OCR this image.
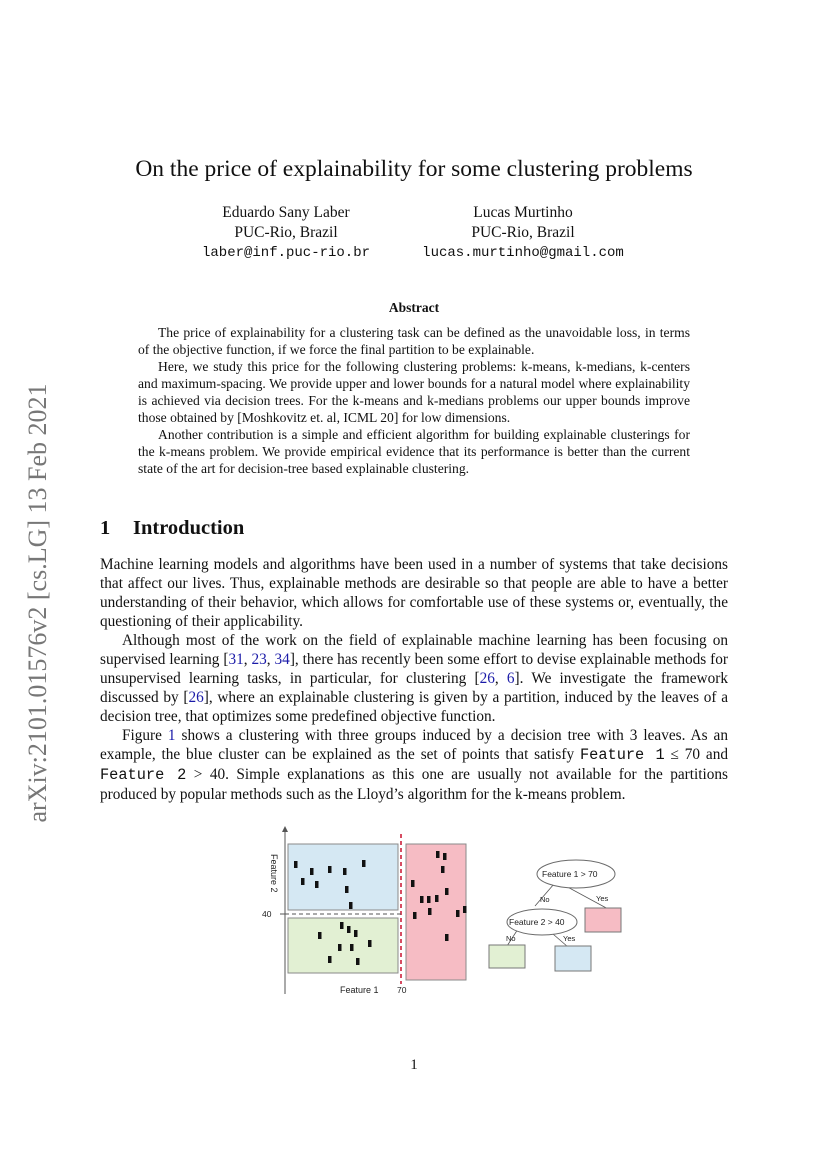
arXiv:2101.01576v2 [cs.LG] 13 Feb 2021
On the price of explainability for some clustering problems
Eduardo Sany Laber
PUC-Rio, Brazil
laber@inf.puc-rio.br
Lucas Murtinho
PUC-Rio, Brazil
lucas.murtinho@gmail.com
Abstract

The price of explainability for a clustering task can be defined as the unavoidable loss, in terms of the objective function, if we force the final partition to be explainable.

Here, we study this price for the following clustering problems: k-means, k-medians, k-centers and maximum-spacing. We provide upper and lower bounds for a natural model where explainability is achieved via decision trees. For the k-means and k-medians problems our upper bounds improve those obtained by [Moshkovitz et. al, ICML 20] for low dimensions.

Another contribution is a simple and efficient algorithm for building explainable clusterings for the k-means problem. We provide empirical evidence that its performance is better than the current state of the art for decision-tree based explainable clustering.

1 Introduction

Machine learning models and algorithms have been used in a number of systems that take decisions that affect our lives. Thus, explainable methods are desirable so that people are able to have a better understanding of their behavior, which allows for comfortable use of these systems or, eventually, the questioning of their applicability.

Although most of the work on the field of explainable machine learning has been focusing on supervised learning [31, 23, 34], there has recently been some effort to devise explainable methods for unsupervised learning tasks, in particular, for clustering [26, 6]. We investigate the framework discussed by [26], where an explainable clustering is given by a partition, induced by the leaves of a decision tree, that optimizes some predefined objective function.

Figure 1 shows a clustering with three groups induced by a decision tree with 3 leaves. As an example, the blue cluster can be explained as the set of points that satisfy Feature 1 ≤ 70 and Feature 2 > 40. Simple explanations as this one are usually not available for the partitions produced by popular methods such as the Lloyd’s algorithm for the k-means problem.

40
70
Feature 1
Feature 2	Feature 1 > 70
Feature 2 > 40
No	Yes
No	Yes
1
